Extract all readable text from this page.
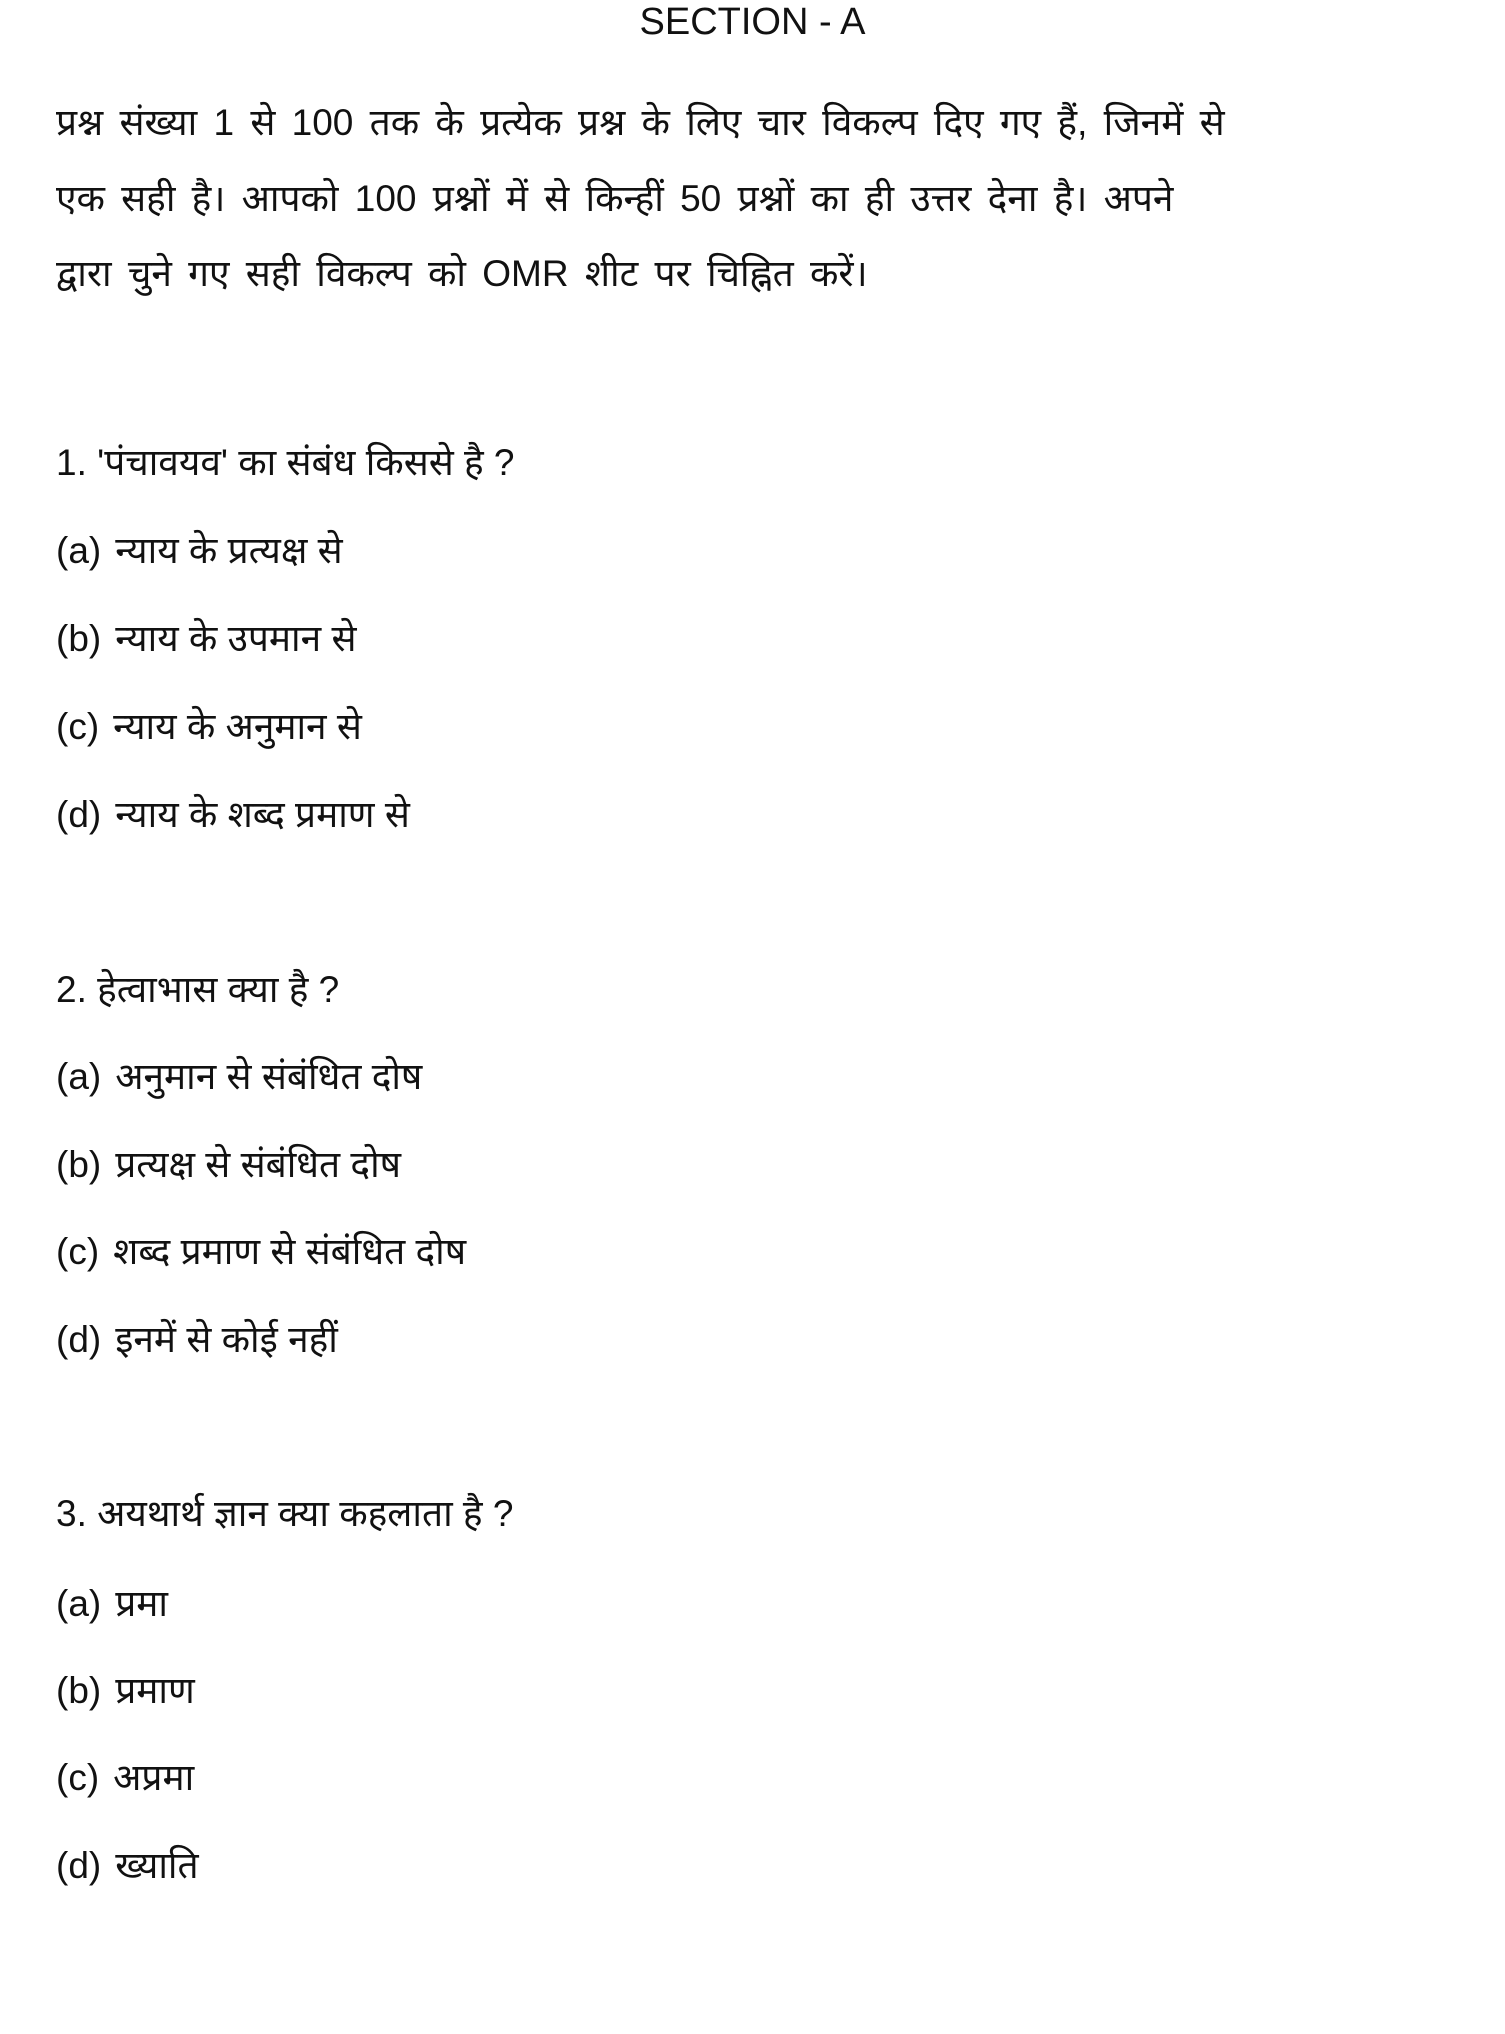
SECTION - A
प्रश्न संख्या 1 से 100 तक के प्रत्येक प्रश्न के लिए चार विकल्प दिए गए हैं, जिनमें से
एक सही है। आपको 100 प्रश्नों में से किन्हीं 50 प्रश्नों का ही उत्तर देना है। अपने
द्वारा चुने गए सही विकल्प को OMR शीट पर चिह्नित करें।
1. 'पंचावयव' का संबंध किससे है ?
(a) न्याय के प्रत्यक्ष से
(b) न्याय के उपमान से
(c) न्याय के अनुमान से
(d) न्याय के शब्द प्रमाण से
2. हेत्वाभास क्या है ?
(a) अनुमान से संबंधित दोष
(b) प्रत्यक्ष से संबंधित दोष
(c) शब्द प्रमाण से संबंधित दोष
(d) इनमें से कोई नहीं
3. अयथार्थ ज्ञान क्या कहलाता है ?
(a) प्रमा
(b) प्रमाण
(c) अप्रमा
(d) ख्याति
